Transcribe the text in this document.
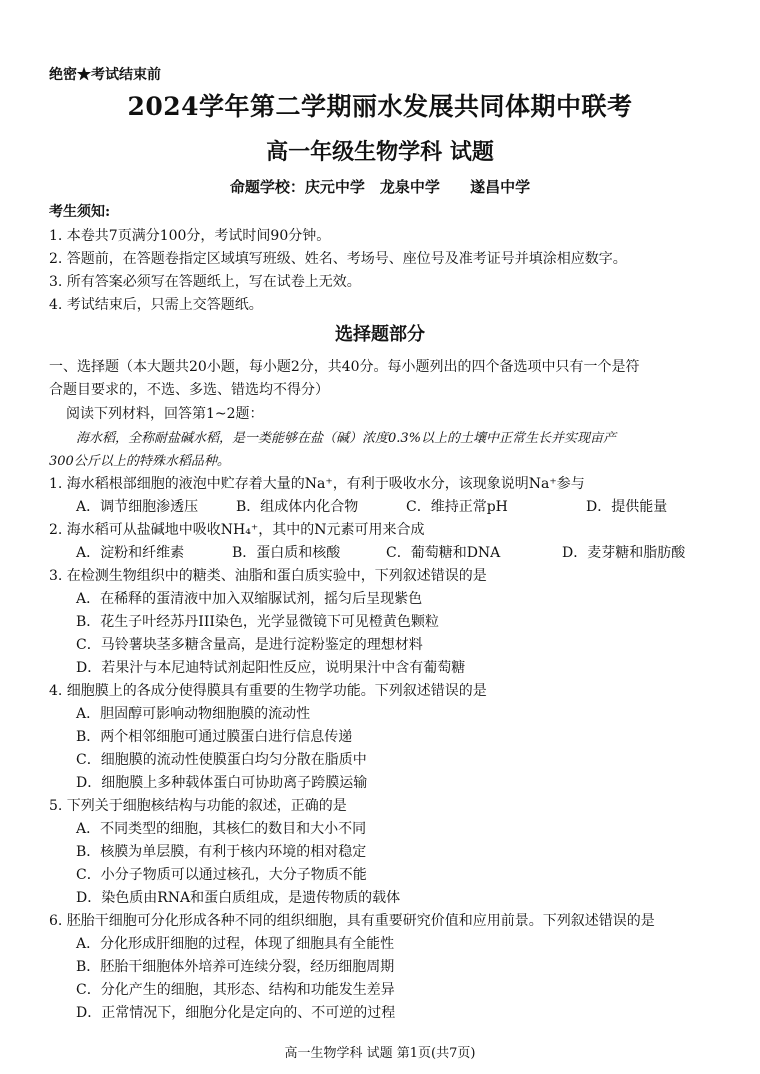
绝密★考试结束前
2024学年第二学期丽水发展共同体期中联考
高一年级生物学科 试题
命题学校：庆元中学　龙泉中学　 遂昌中学
考生须知:
1. 本卷共7页满分100分，考试时间90分钟。
2. 答题前，在答题卷指定区域填写班级、姓名、考场号、座位号及准考证号并填涂相应数字。
3. 所有答案必须写在答题纸上，写在试卷上无效。
4. 考试结束后，只需上交答题纸。
选择题部分
一、选择题（本大题共20小题，每小题2分，共40分。每小题列出的四个备选项中只有一个是符
合题目要求的，不选、多选、错选均不得分）
阅读下列材料，回答第1~2题：
海水稻，全称耐盐碱水稻，是一类能够在盐（碱）浓度0.3%以上的土壤中正常生长并实现亩产
300公斤以上的特殊水稻品种。
1. 海水稻根部细胞的液泡中贮存着大量的Na⁺，有利于吸收水分，该现象说明Na⁺参与
A．调节细胞渗透压	B．组成体内化合物	C．维持正常pH	D．提供能量
2. 海水稻可从盐碱地中吸收NH₄⁺，其中的N元素可用来合成
A．淀粉和纤维素	B．蛋白质和核酸	C．葡萄糖和DNA	D．麦芽糖和脂肪酸
3. 在检测生物组织中的糖类、油脂和蛋白质实验中，下列叙述错误的是
A．在稀释的蛋清液中加入双缩脲试剂，摇匀后呈现紫色
B．花生子叶经苏丹III染色，光学显微镜下可见橙黄色颗粒
C．马铃薯块茎多糖含量高，是进行淀粉鉴定的理想材料
D．若果汁与本尼迪特试剂起阳性反应，说明果汁中含有葡萄糖
4. 细胞膜上的各成分使得膜具有重要的生物学功能。下列叙述错误的是
A．胆固醇可影响动物细胞膜的流动性
B．两个相邻细胞可通过膜蛋白进行信息传递
C．细胞膜的流动性使膜蛋白均匀分散在脂质中
D．细胞膜上多种载体蛋白可协助离子跨膜运输
5. 下列关于细胞核结构与功能的叙述，正确的是
A．不同类型的细胞，其核仁的数目和大小不同
B．核膜为单层膜，有利于核内环境的相对稳定
C．小分子物质可以通过核孔，大分子物质不能
D．染色质由RNA和蛋白质组成，是遗传物质的载体
6. 胚胎干细胞可分化形成各种不同的组织细胞，具有重要研究价值和应用前景。下列叙述错误的是
A．分化形成肝细胞的过程，体现了细胞具有全能性
B．胚胎干细胞体外培养可连续分裂，经历细胞周期
C．分化产生的细胞，其形态、结构和功能发生差异
D．正常情况下，细胞分化是定向的、不可逆的过程
高一生物学科 试题 第1页(共7页)
